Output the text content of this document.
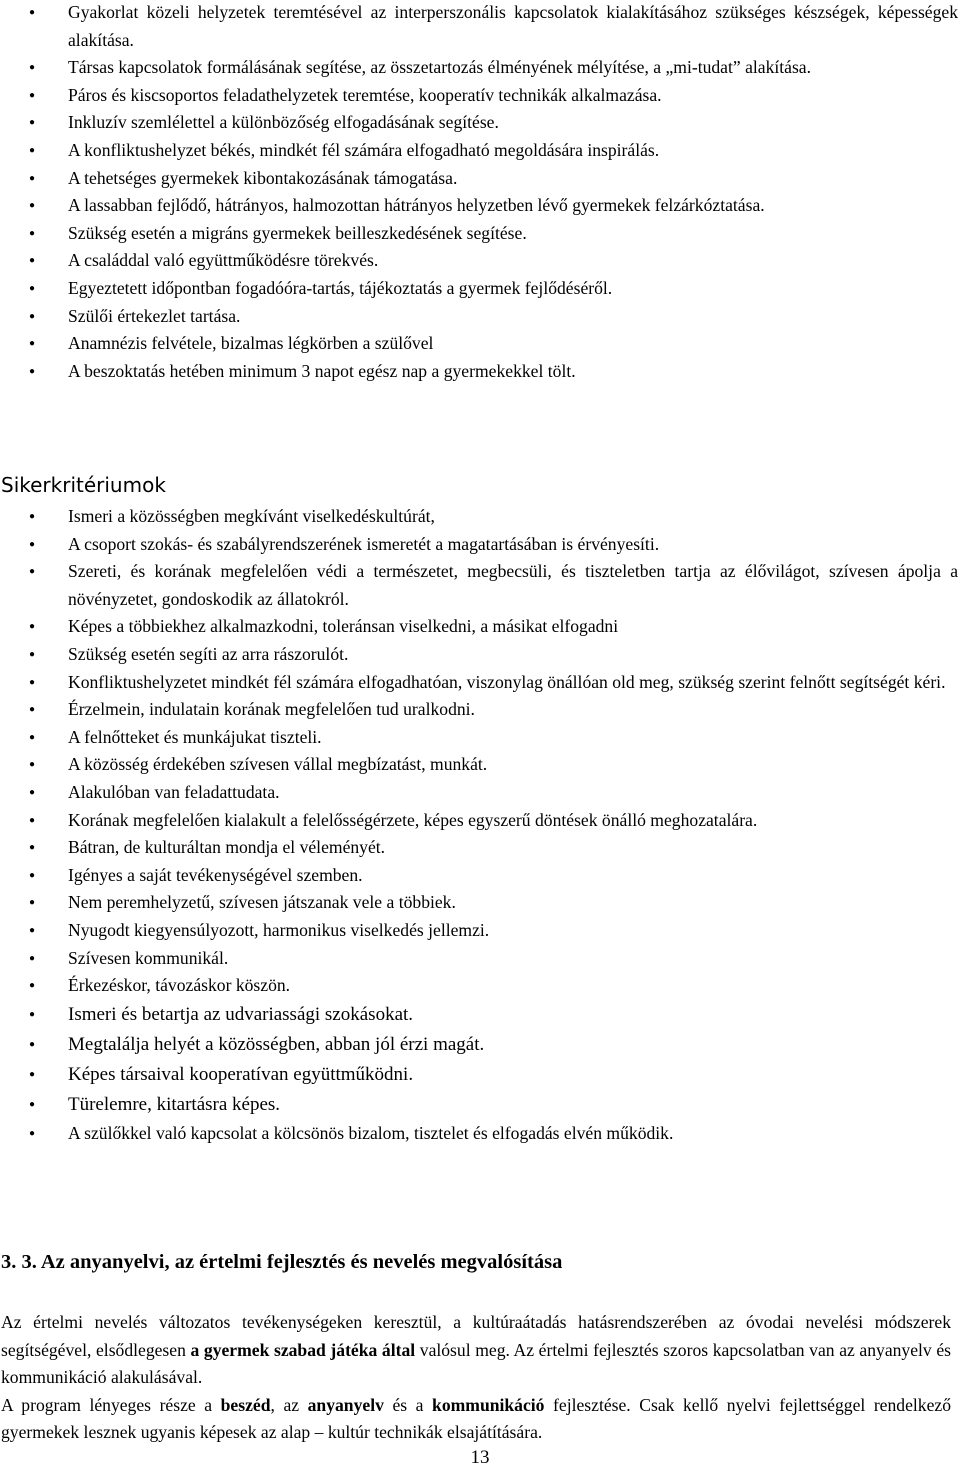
●
Gyakorlat közeli helyzetek teremtésével az interperszonális kapcsolatok kialakításához szükséges készségek, képességek alakítása.
●
Társas kapcsolatok formálásának segítése, az összetartozás élményének mélyítése, a „mi-tudat” alakítása.
●
Páros és kiscsoportos feladathelyzetek teremtése, kooperatív technikák alkalmazása.
●
Inkluzív szemlélettel a különbözőség elfogadásának segítése.
●
A konfliktushelyzet békés, mindkét fél számára elfogadható megoldására inspirálás.
●
A tehetséges gyermekek kibontakozásának támogatása.
●
A lassabban fejlődő, hátrányos, halmozottan hátrányos helyzetben lévő gyermekek felzárkóztatása.
●
Szükség esetén a migráns gyermekek beilleszkedésének segítése.
●
A családdal való együttműködésre törekvés.
●
Egyeztetett időpontban fogadóóra-tartás, tájékoztatás a gyermek fejlődéséről.
●
Szülői értekezlet tartása.
●
Anamnézis felvétele, bizalmas légkörben a szülővel
●
A beszoktatás hetében minimum 3 napot egész nap a gyermekekkel tölt.
Sikerkritériumok
●
Ismeri a közösségben megkívánt viselkedéskultúrát,
●
A csoport szokás- és szabályrendszerének ismeretét a magatartásában is érvényesíti.
●
Szereti, és korának megfelelően védi a természetet, megbecsüli, és tiszteletben tartja az élővilágot, szívesen ápolja a növényzetet, gondoskodik az állatokról.
●
Képes a többiekhez alkalmazkodni, toleránsan viselkedni, a másikat elfogadni
●
Szükség esetén segíti az arra rászorulót.
●
Konfliktushelyzetet mindkét fél számára elfogadhatóan, viszonylag önállóan old meg, szükség szerint felnőtt segítségét kéri.
●
Érzelmein, indulatain korának megfelelően tud uralkodni.
●
A felnőtteket és munkájukat tiszteli.
●
A közösség érdekében szívesen vállal megbízatást, munkát.
●
Alakulóban van feladattudata.
●
Korának megfelelően kialakult a felelősségérzete, képes egyszerű döntések önálló meghozatalára.
●
Bátran, de kulturáltan mondja el véleményét.
●
Igényes a saját tevékenységével szemben.
●
Nem peremhelyzetű, szívesen játszanak vele a többiek.
●
Nyugodt kiegyensúlyozott, harmonikus viselkedés jellemzi.
●
Szívesen kommunikál.
●
Érkezéskor, távozáskor köszön.
●
Ismeri és betartja az udvariassági szokásokat.
●
Megtalálja helyét a közösségben, abban jól érzi magát.
●
Képes társaival kooperatívan együttműködni.
●
Türelemre, kitartásra képes.
●
A szülőkkel való kapcsolat a kölcsönös bizalom, tisztelet és elfogadás elvén működik.
3. 3. Az anyanyelvi, az értelmi fejlesztés és nevelés megvalósítása

Az értelmi nevelés változatos tevékenységeken keresztül, a kultúraátadás hatásrendszerében az óvodai nevelési módszerek segítségével, elsődlegesen a gyermek szabad játéka által valósul meg. Az értelmi fejlesztés szoros kapcsolatban van az anyanyelv és kommunikáció alakulásával.

A program lényeges része a beszéd, az anyanyelv és a kommunikáció fejlesztése. Csak kellő nyelvi fejlettséggel rendelkező gyermekek lesznek ugyanis képesek az alap – kultúr technikák elsajátítására.

13
